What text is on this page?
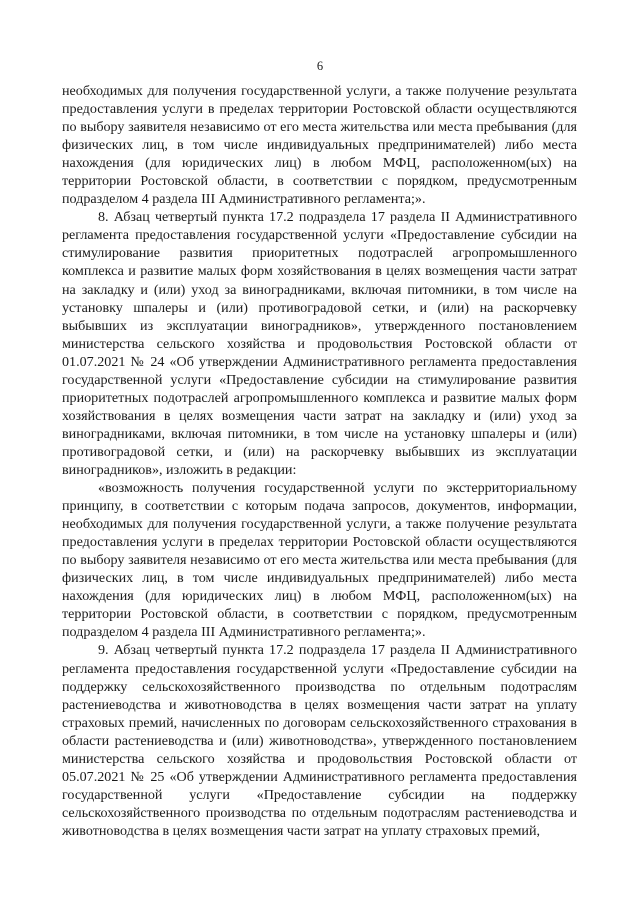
6

необходимых для получения государственной услуги, а также получение результата предоставления услуги в пределах территории Ростовской области осуществляются по выбору заявителя независимо от его места жительства или места пребывания (для физических лиц, в том числе индивидуальных предпринимателей) либо места нахождения (для юридических лиц) в любом МФЦ, расположенном(ых) на территории Ростовской области, в соответствии с порядком, предусмотренным подразделом 4 раздела III Административного регламента;».

8. Абзац четвертый пункта 17.2 подраздела 17 раздела II Административного регламента предоставления государственной услуги «Предоставление субсидии на стимулирование развития приоритетных подотраслей агропромышленного комплекса и развитие малых форм хозяйствования в целях возмещения части затрат на закладку и (или) уход за виноградниками, включая питомники, в том числе на установку шпалеры и (или) противоградовой сетки, и (или) на раскорчевку выбывших из эксплуатации виноградников», утвержденного постановлением министерства сельского хозяйства и продовольствия Ростовской области от 01.07.2021 № 24 «Об утверждении Административного регламента предоставления государственной услуги «Предоставление субсидии на стимулирование развития приоритетных подотраслей агропромышленного комплекса и развитие малых форм хозяйствования в целях возмещения части затрат на закладку и (или) уход за виноградниками, включая питомники, в том числе на установку шпалеры и (или) противоградовой сетки, и (или) на раскорчевку выбывших из эксплуатации виноградников», изложить в редакции:

«возможность получения государственной услуги по экстерриториальному принципу, в соответствии с которым подача запросов, документов, информации, необходимых для получения государственной услуги, а также получение результата предоставления услуги в пределах территории Ростовской области осуществляются по выбору заявителя независимо от его места жительства или места пребывания (для физических лиц, в том числе индивидуальных предпринимателей) либо места нахождения (для юридических лиц) в любом МФЦ, расположенном(ых) на территории Ростовской области, в соответствии с порядком, предусмотренным подразделом 4 раздела III Административного регламента;».

9. Абзац четвертый пункта 17.2 подраздела 17 раздела II Административного регламента предоставления государственной услуги «Предоставление субсидии на поддержку сельскохозяйственного производства по отдельным подотраслям растениеводства и животноводства в целях возмещения части затрат на уплату страховых премий, начисленных по договорам сельскохозяйственного страхования в области растениеводства и (или) животноводства», утвержденного постановлением министерства сельского хозяйства и продовольствия Ростовской области от 05.07.2021 № 25 «Об утверждении Административного регламента предоставления государственной услуги «Предоставление субсидии на поддержку сельскохозяйственного производства по отдельным подотраслям растениеводства и животноводства в целях возмещения части затрат на уплату страховых премий,
